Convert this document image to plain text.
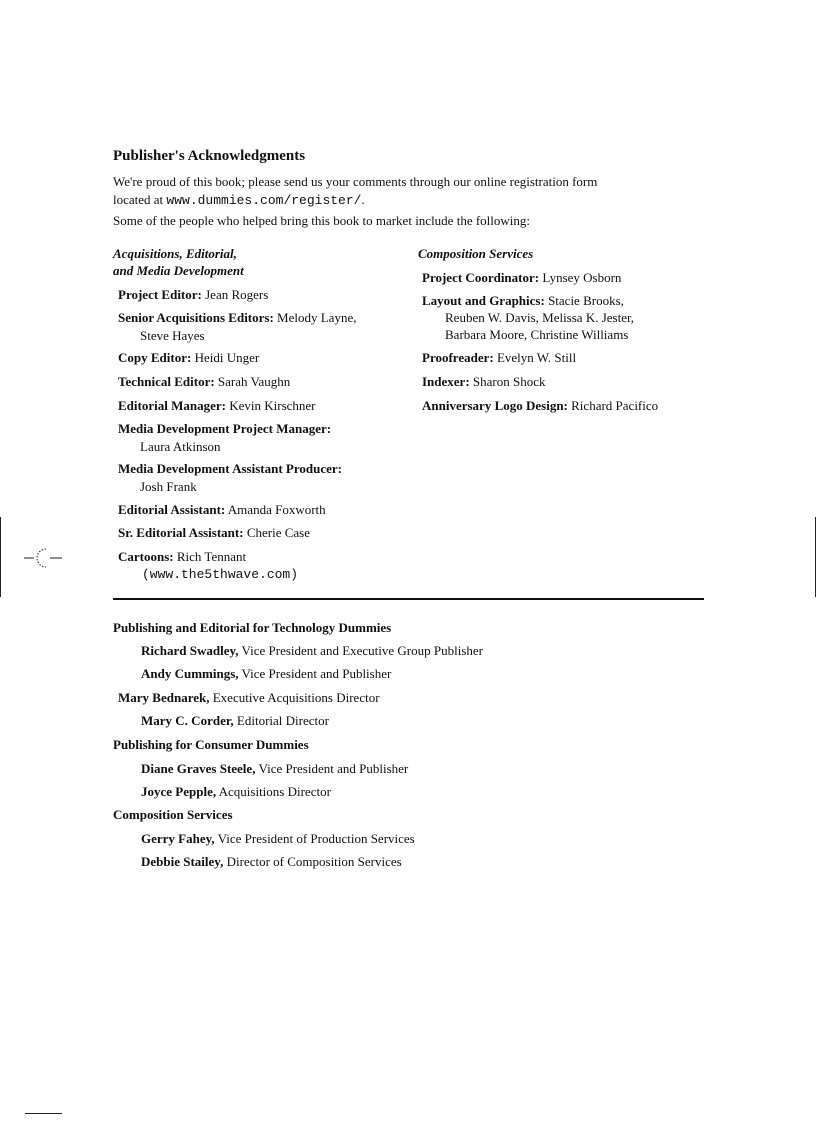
Publisher's Acknowledgments
We're proud of this book; please send us your comments through our online registration form
located at www.dummies.com/register/.
Some of the people who helped bring this book to market include the following:
Acquisitions, Editorial,
and Media Development
Project Editor: Jean Rogers
Senior Acquisitions Editors: Melody Layne,
Steve Hayes
Copy Editor: Heidi Unger
Technical Editor: Sarah Vaughn
Editorial Manager: Kevin Kirschner
Media Development Project Manager:
Laura Atkinson
Media Development Assistant Producer:
Josh Frank
Editorial Assistant: Amanda Foxworth
Sr. Editorial Assistant: Cherie Case
Cartoons: Rich Tennant
(www.the5thwave.com)
Composition Services
Project Coordinator: Lynsey Osborn
Layout and Graphics: Stacie Brooks,
Reuben W. Davis, Melissa K. Jester,
Barbara Moore, Christine Williams
Proofreader: Evelyn W. Still
Indexer: Sharon Shock
Anniversary Logo Design: Richard Pacifico
Publishing and Editorial for Technology Dummies
Richard Swadley, Vice President and Executive Group Publisher
Andy Cummings, Vice President and Publisher
Mary Bednarek, Executive Acquisitions Director
Mary C. Corder, Editorial Director
Publishing for Consumer Dummies
Diane Graves Steele, Vice President and Publisher
Joyce Pepple, Acquisitions Director
Composition Services
Gerry Fahey, Vice President of Production Services
Debbie Stailey, Director of Composition Services
